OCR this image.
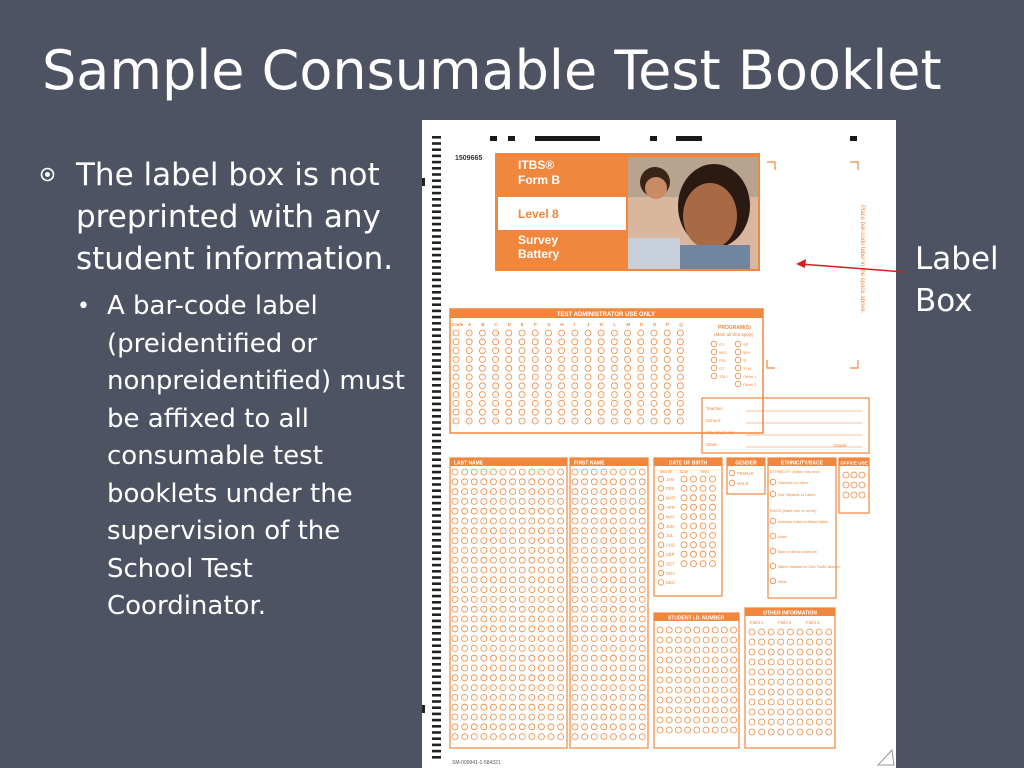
Sample Consumable Test Booklet
The label box is not preprinted with any student information.
• A bar-code label (preidentified or nonpreidentified) must be affixed to all consumable test booklets under the supervision of the School Test Coordinator.
1509665	ITBS®
Form B
Level 8
Survey
Battery	Place bar-code label in the space above.
TEST ADMINISTRATOR USE ONLY
Code A B C D E F G H I	J K L M N O P Q
PROGRAM(S)
(Mark all that apply)
GT	SP
MIG	504
FRL	TI
OT	TI M
TRLI	Other 1
Other 2
Teacher:
School:
City (System):
State:	Grade:
LAST NAME	FIRST NAME	DATE OF BIRTH
Month Day	Year
JAN
FEB
MAR
APR
MAY
JUN
JUL
AUG
SEP
OCT
NOV
DEC
GENDER
FEMALE
MALE
ETHNICITY/RACE
ETHNICITY (Mark only one)
Hispanic or Latino
Not Hispanic or Latino
RACE (Mark one or more)
American Indian or Alaska Native
Asian
Black or African American
Native Hawaiian or Other Pacific Islander
White
OFFICE USE
STUDENT I.D. NUMBER
OTHER INFORMATION
Field 1	Field 2	Field 3
SM-009941-1-584321
Label
Box
